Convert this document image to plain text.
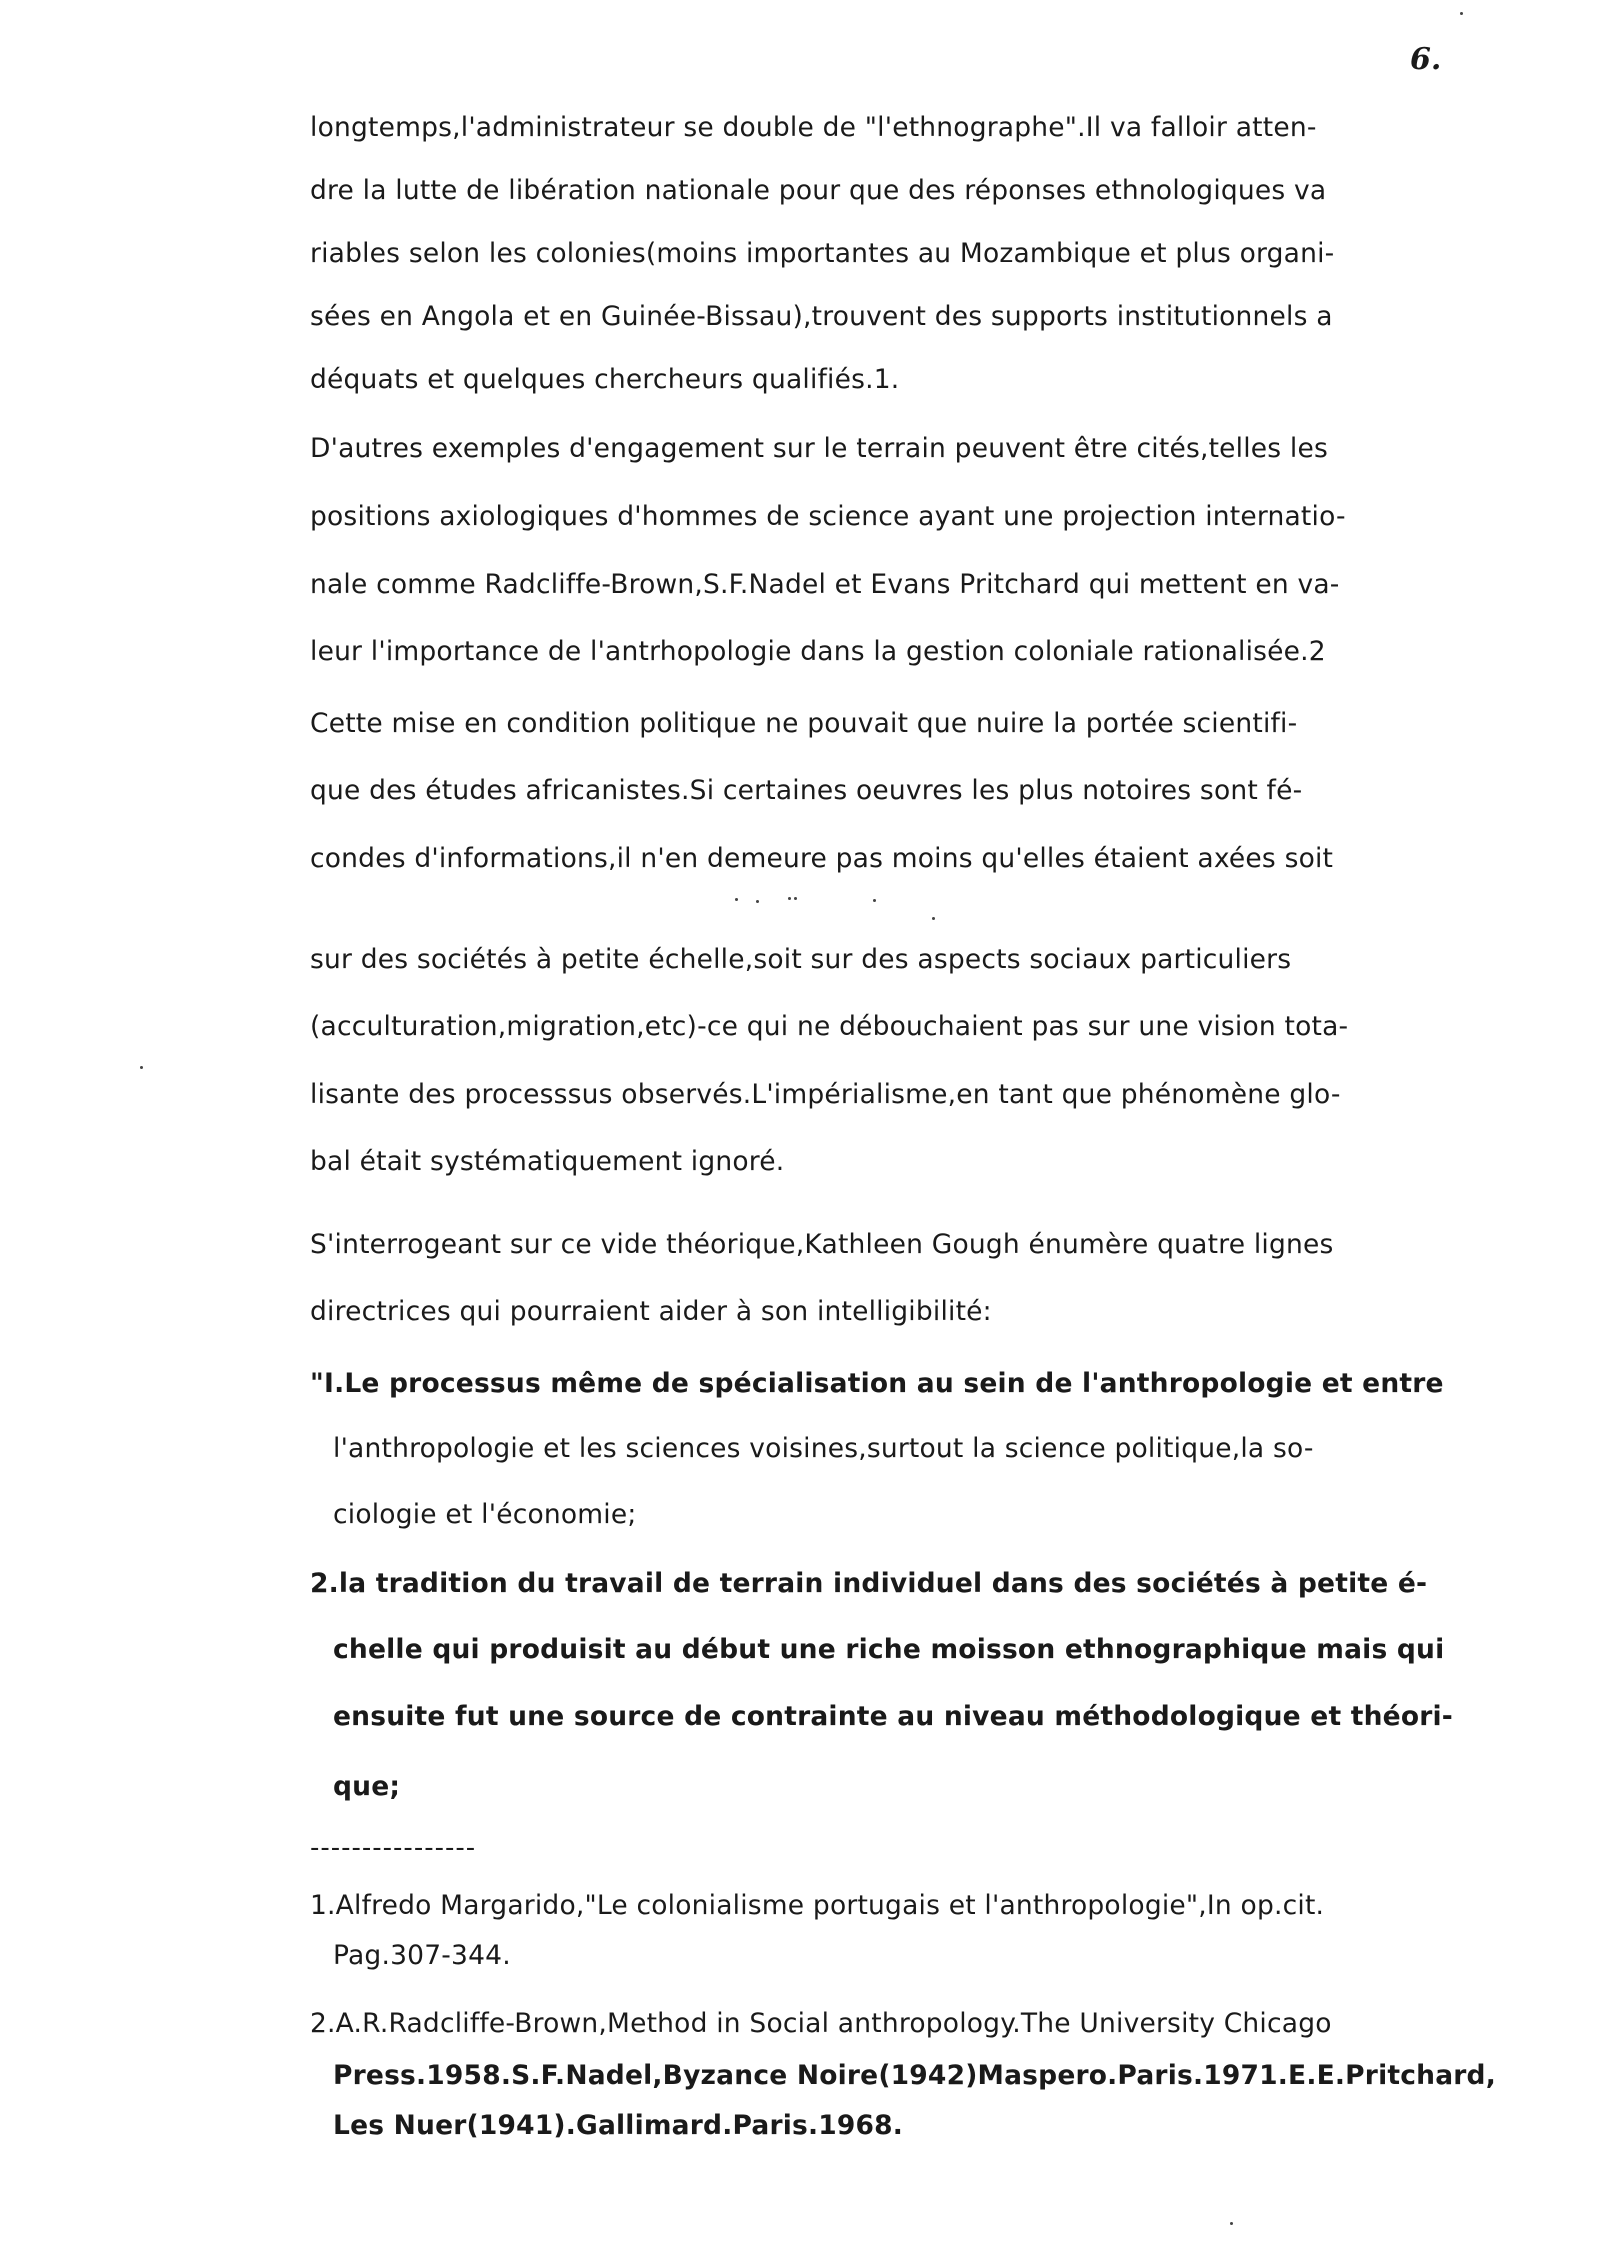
6.
longtemps,l'administrateur se double de "l'ethnographe".Il va falloir atten-
dre la lutte de libération nationale pour que des réponses ethnologiques va
riables selon les colonies(moins importantes au Mozambique et plus organi-
sées en Angola et en Guinée-Bissau),trouvent des supports institutionnels a
déquats et quelques chercheurs qualifiés.1.
D'autres exemples d'engagement sur le terrain peuvent être cités,telles les
positions axiologiques d'hommes de science ayant une projection internatio-
nale comme Radcliffe-Brown,S.F.Nadel et Evans Pritchard qui mettent en va-
leur l'importance de l'antrhopologie dans la gestion coloniale rationalisée.2
Cette mise en condition politique ne pouvait que nuire la portée scientifi-
que des études africanistes.Si certaines oeuvres les plus notoires sont fé-
condes d'informations,il n'en demeure pas moins qu'elles étaient axées soit
sur des sociétés à petite échelle,soit sur des aspects sociaux particuliers
(acculturation,migration,etc)-ce qui ne débouchaient pas sur une vision tota-
lisante des processsus observés.L'impérialisme,en tant que phénomène glo-
bal était systématiquement ignoré.
S'interrogeant sur ce vide théorique,Kathleen Gough énumère quatre lignes
directrices qui pourraient aider à son intelligibilité:
"I.Le processus même de spécialisation au sein de l'anthropologie et entre
l'anthropologie et les sciences voisines,surtout la science politique,la so-
ciologie et l'économie;
2.la tradition du travail de terrain individuel dans des sociétés à petite é-
chelle qui produisit au début une riche moisson ethnographique mais qui
ensuite fut une source de contrainte au niveau méthodologique et théori-
que;
----------------
1.Alfredo Margarido,"Le colonialisme portugais et l'anthropologie",In op.cit.
Pag.307-344.
2.A.R.Radcliffe-Brown,Method in Social anthropology.The University Chicago
Press.1958.S.F.Nadel,Byzance Noire(1942)Maspero.Paris.1971.E.E.Pritchard,
Les Nuer(1941).Gallimard.Paris.1968.
